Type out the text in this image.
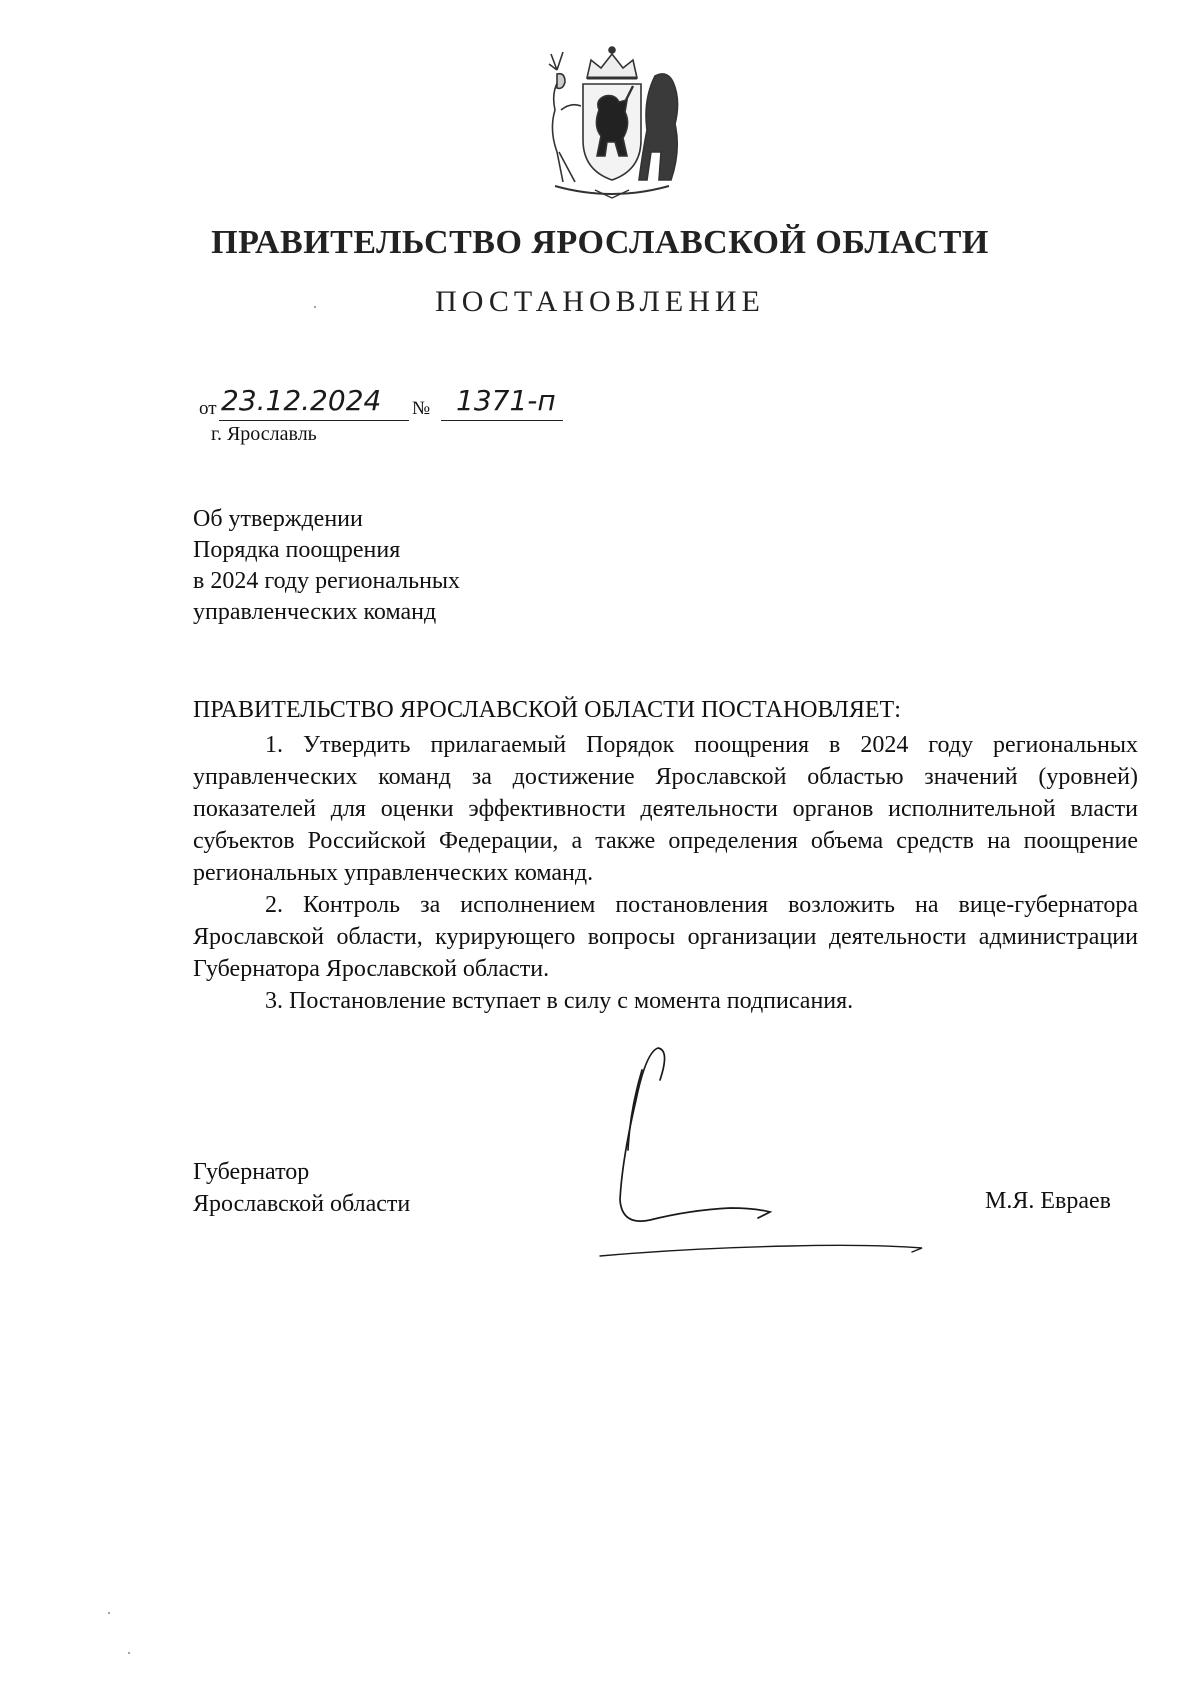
ПРАВИТЕЛЬСТВО ЯРОСЛАВСКОЙ ОБЛАСТИ
ПОСТАНОВЛЕНИЕ
от 23.12.2024 № 1371-п
г. Ярославль
Об утверждении
Порядка поощрения
в 2024 году региональных
управленческих команд
ПРАВИТЕЛЬСТВО ЯРОСЛАВСКОЙ ОБЛАСТИ ПОСТАНОВЛЯЕТ:

1. Утвердить прилагаемый Порядок поощрения в 2024 году региональных управленческих команд за достижение Ярославской областью значений (уровней) показателей для оценки эффективности деятельности органов исполнительной власти субъектов Российской Федерации, а также определения объема средств на поощрение региональных управленческих команд.

2. Контроль за исполнением постановления возложить на вице-губернатора Ярославской области, курирующего вопросы организации деятельности администрации Губернатора Ярославской области.

3. Постановление вступает в силу с момента подписания.

Губернатор
Ярославской области	М.Я. Евраев
